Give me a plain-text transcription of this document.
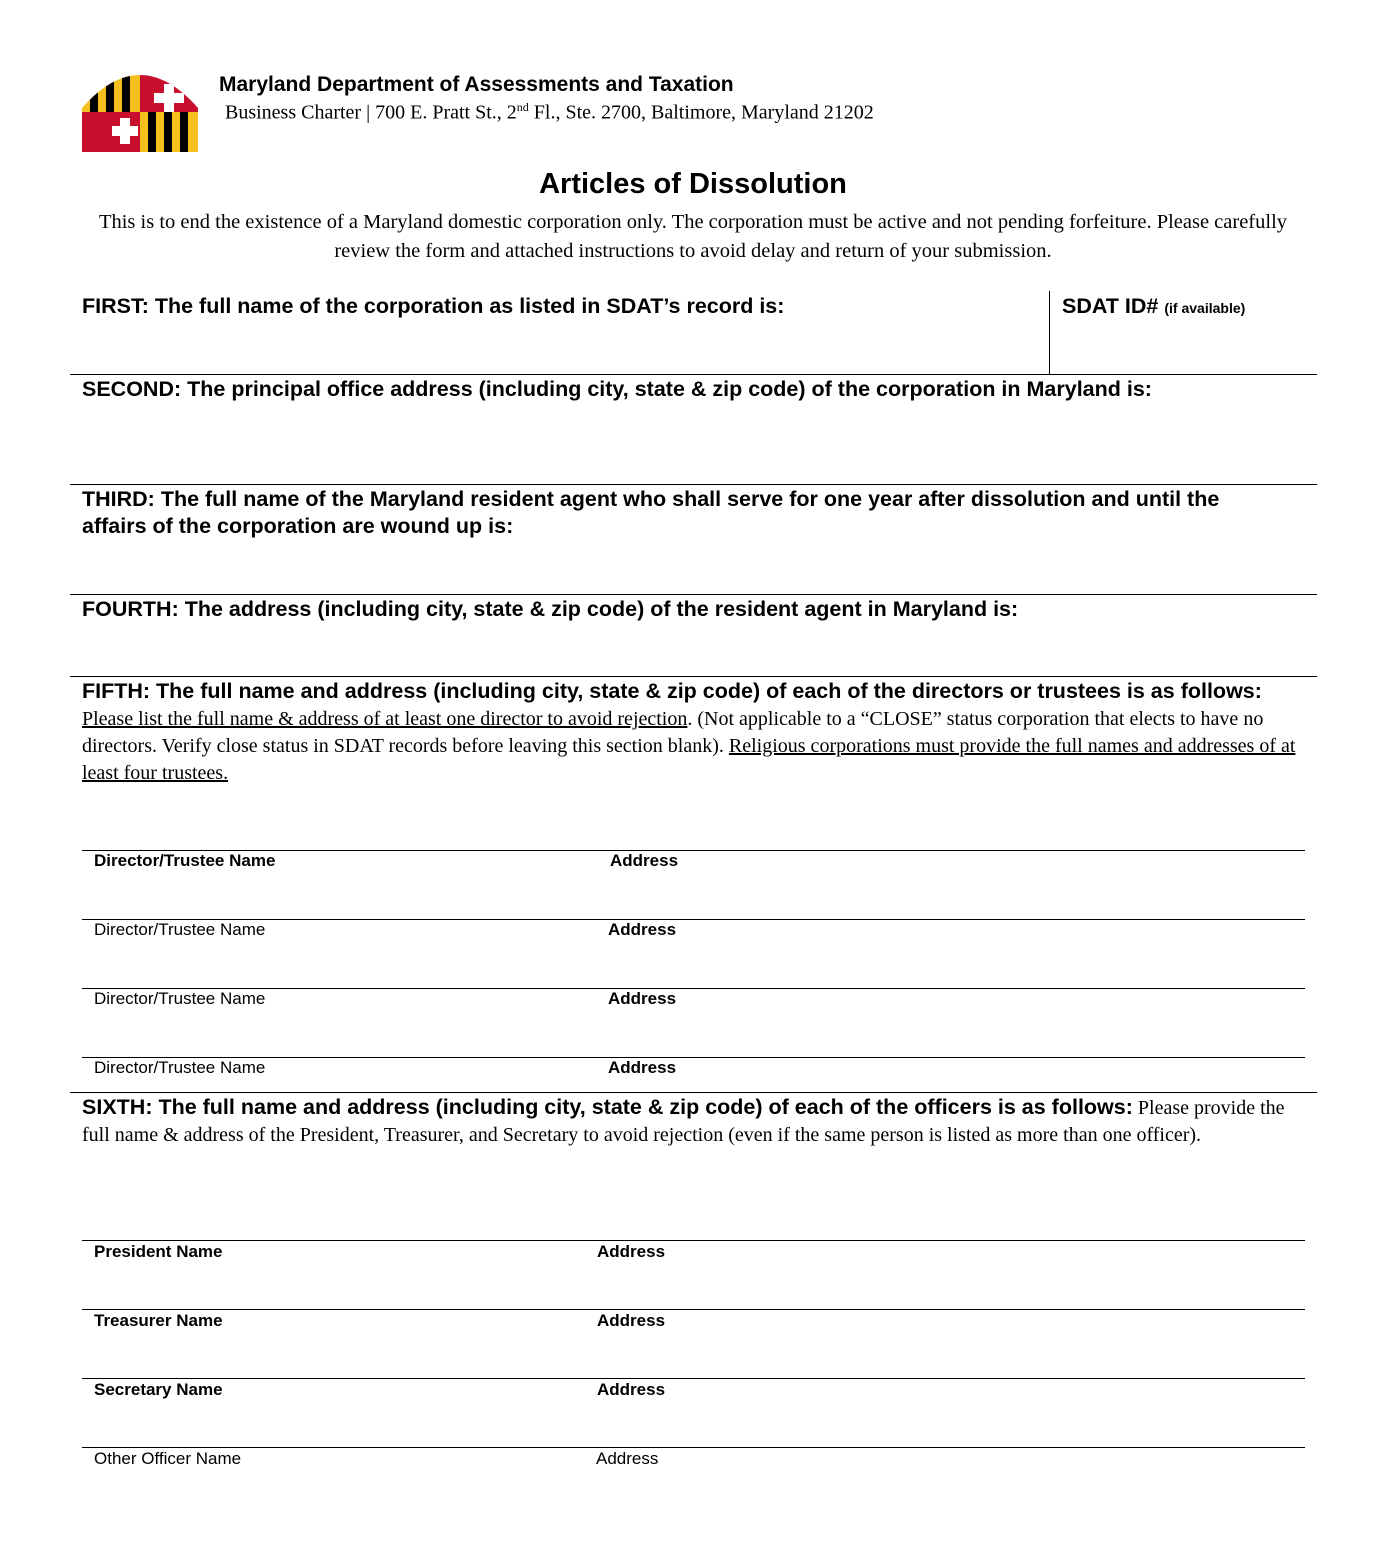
Maryland Department of Assessments and Taxation
Business Charter | 700 E. Pratt St., 2nd Fl., Ste. 2700, Baltimore, Maryland 21202
Articles of Dissolution
This is to end the existence of a Maryland domestic corporation only. The corporation must be active and not pending forfeiture. Please carefully review the form and attached instructions to avoid delay and return of your submission.
FIRST: The full name of the corporation as listed in SDAT’s record is:	SDAT ID# (if available)
SECOND: The principal office address (including city, state & zip code) of the corporation in Maryland is:
THIRD: The full name of the Maryland resident agent who shall serve for one year after dissolution and until the affairs of the corporation are wound up is:
FOURTH: The address (including city, state & zip code) of the resident agent in Maryland is:
FIFTH: The full name and address (including city, state & zip code) of each of the directors or trustees is as follows: Please list the full name & address of at least one director to avoid rejection. (Not applicable to a “CLOSE” status corporation that elects to have no directors. Verify close status in SDAT records before leaving this section blank). Religious corporations must provide the full names and addresses of at least four trustees.
Director/Trustee Name	Address
Director/Trustee Name	Address
Director/Trustee Name	Address
Director/Trustee Name	Address
SIXTH: The full name and address (including city, state & zip code) of each of the officers is as follows: Please provide the full name & address of the President, Treasurer, and Secretary to avoid rejection (even if the same person is listed as more than one officer).
President Name	Address
Treasurer Name	Address
Secretary Name	Address
Other Officer Name	Address
